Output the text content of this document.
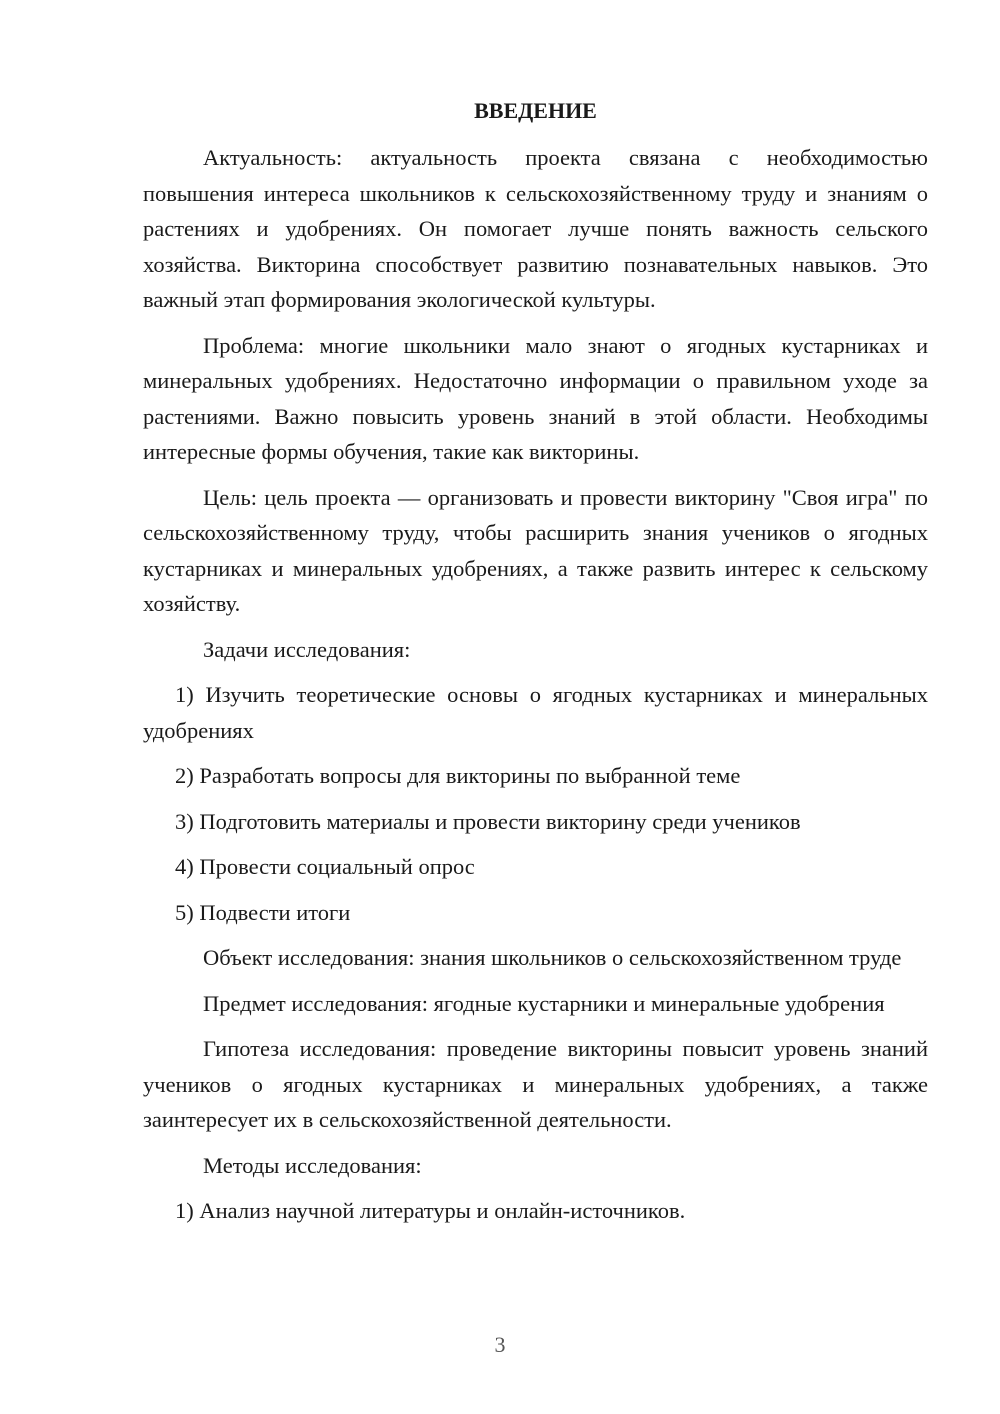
ВВЕДЕНИЕ
Актуальность: актуальность проекта связана с необходимостью повышения интереса школьников к сельскохозяйственному труду и знаниям о растениях и удобрениях. Он помогает лучше понять важность сельского хозяйства. Викторина способствует развитию познавательных навыков. Это важный этап формирования экологической культуры.
Проблема: многие школьники мало знают о ягодных кустарниках и минеральных удобрениях. Недостаточно информации о правильном уходе за растениями. Важно повысить уровень знаний в этой области. Необходимы интересные формы обучения, такие как викторины.
Цель: цель проекта — организовать и провести викторину "Своя игра" по сельскохозяйственному труду, чтобы расширить знания учеников о ягодных кустарниках и минеральных удобрениях, а также развить интерес к сельскому хозяйству.
Задачи исследования:
1) Изучить теоретические основы о ягодных кустарниках и минеральных удобрениях
2) Разработать вопросы для викторины по выбранной теме
3) Подготовить материалы и провести викторину среди учеников
4) Провести социальный опрос
5) Подвести итоги
Объект исследования: знания школьников о сельскохозяйственном труде
Предмет исследования: ягодные кустарники и минеральные удобрения
Гипотеза исследования: проведение викторины повысит уровень знаний учеников о ягодных кустарниках и минеральных удобрениях, а также заинтересует их в сельскохозяйственной деятельности.
Методы исследования:
1) Анализ научной литературы и онлайн-источников.
3
